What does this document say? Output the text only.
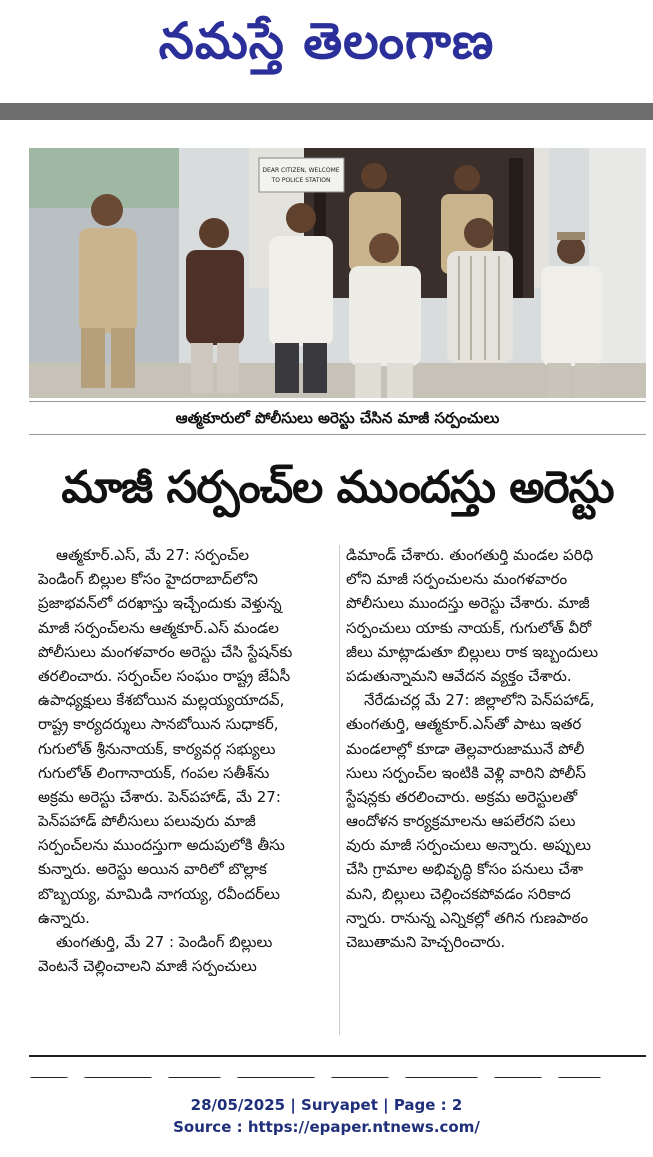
నమస్తే తెలంగాణ
DEAR CITIZEN, WELCOME
TO POLICE STATION
ఆత్మకూరులో పోలీసులు అరెస్టు చేసిన మాజీ సర్పంచులు
మాజీ సర్పంచ్‌ల ముందస్తు అరెస్టు
ఆత్మకూర్.ఎస్, మే 27: సర్పంచ్‌ల
పెండింగ్ బిల్లుల కోసం హైదరాబాద్‌లోని
ప్రజాభవన్‌లో దరఖాస్తు ఇచ్చేందుకు వెళ్తున్న
మాజీ సర్పంచ్‌లను ఆత్మకూర్.ఎస్ మండల
పోలీసులు మంగళవారం అరెస్టు చేసి స్టేషన్‌కు
తరలించారు. సర్పంచ్‌ల సంఘం రాష్ట్ర జేఏసీ
ఉపాధ్యక్షులు కేశబోయిన మల్లయ్యయాదవ్,
రాష్ట్ర కార్యదర్శులు సానబోయిన సుధాకర్,
గుగులోత్ శ్రీనునాయక్, కార్యవర్గ సభ్యులు
గుగులోత్ లింగానాయక్, గంపల సతీశ్‌ను
అక్రమ అరెస్టు చేశారు. పెన్‌పహాడ్, మే 27:
పెన్‌పహాడ్ పోలీసులు పలువురు మాజీ
సర్పంచ్‌లను ముందస్తుగా అదుపులోకి తీసు
కున్నారు. అరెస్టు అయిన వారిలో బొల్లాక
బొబ్బయ్య, మామిడి నాగయ్య, రవీందర్‌లు
ఉన్నారు.
తుంగతుర్తి, మే 27 : పెండింగ్ బిల్లులు
వెంటనే చెల్లించాలని మాజీ సర్పంచులు
డిమాండ్ చేశారు. తుంగతుర్తి మండల పరిధి
లోని మాజీ సర్పంచులను మంగళవారం
పోలీసులు ముందస్తు అరెస్టు చేశారు. మాజీ
సర్పంచులు యాకు నాయక్, గుగులోత్ వీరో
జీలు మాట్లాడుతూ బిల్లులు రాక ఇబ్బందులు
పడుతున్నామని ఆవేదన వ్యక్తం చేశారు.
నేరేడుచర్ల మే 27: జిల్లాలోని పెన్‌పహాడ్,
తుంగతుర్తి, ఆత్మకూర్.ఎస్‌తో పాటు ఇతర
మండలాల్లో కూడా తెల్లవారుజామునే పోలీ
సులు సర్పంచ్‌ల ఇంటికి వెళ్లి వారిని పోలీస్
స్టేషన్లకు తరలించారు. అక్రమ అరెస్టులతో
ఆందోళన కార్యక్రమాలను ఆపలేరని పలు
వురు మాజీ సర్పంచులు అన్నారు. అప్పులు
చేసి గ్రామాల అభివృద్ధి కోసం పనులు చేశా
మని, బిల్లులు చెల్లించకపోవడం సరికాద
న్నారు. రానున్న ఎన్నికల్లో తగిన గుణపాఠం
చెబుతామని హెచ్చరించారు.
28/05/2025 | Suryapet | Page : 2
Source : https://epaper.ntnews.com/
